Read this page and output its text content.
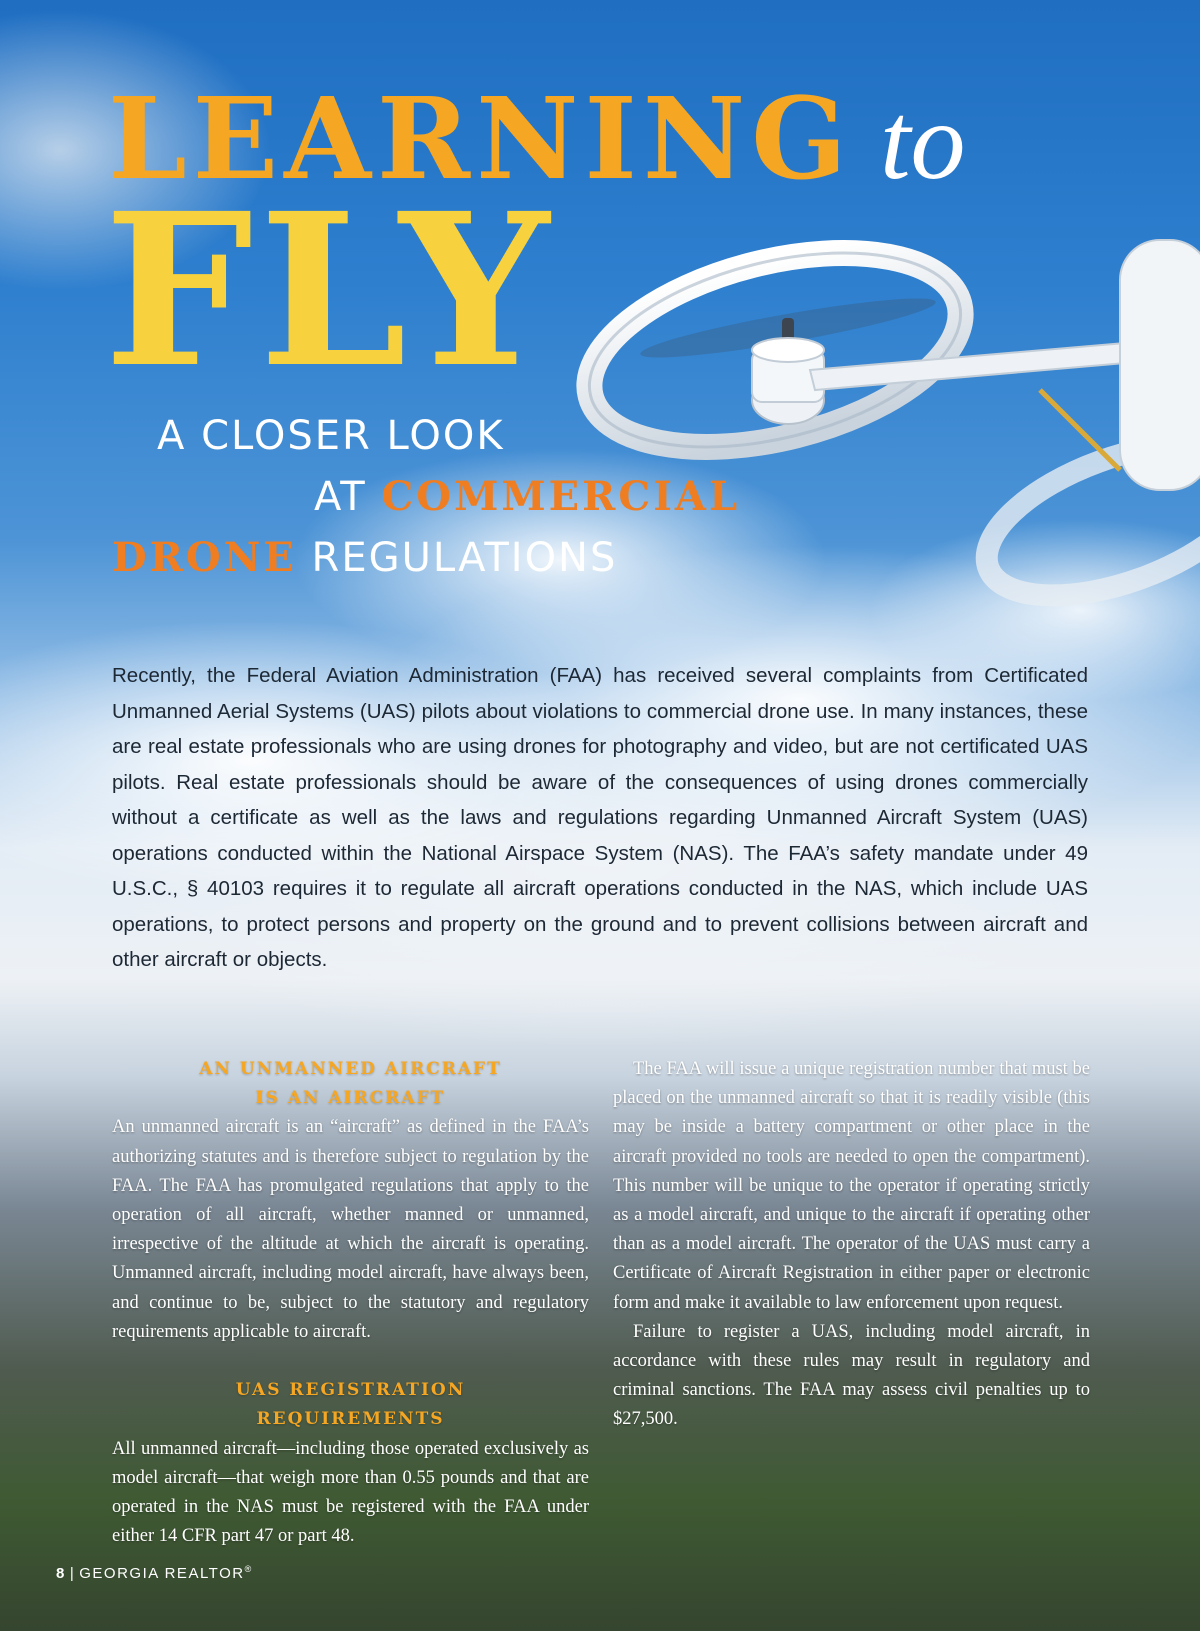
LEARNING to
FLY

A CLOSER LOOK

AT COMMERCIAL

DRONE REGULATIONS

Recently, the Federal Aviation Administration (FAA) has received several complaints from Certificated Unmanned Aerial Systems (UAS) pilots about violations to commercial drone use. In many instances, these are real estate professionals who are using drones for photography and video, but are not certificated UAS pilots. Real estate professionals should be aware of the consequences of using drones commercially without a certificate as well as the laws and regulations regarding Unmanned Aircraft System (UAS) operations conducted within the National Airspace System (NAS). The FAA’s safety mandate under 49 U.S.C., § 40103 requires it to regulate all aircraft operations conducted in the NAS, which include UAS operations, to protect persons and property on the ground and to prevent collisions between aircraft and other aircraft or objects.

AN UNMANNED AIRCRAFT
IS AN AIRCRAFT

An unmanned aircraft is an “aircraft” as defined in the FAA’s authorizing statutes and is therefore subject to regulation by the FAA. The FAA has promulgated regulations that apply to the operation of all aircraft, whether manned or unmanned, irrespective of the altitude at which the aircraft is operating. Unmanned aircraft, including model aircraft, have always been, and continue to be, subject to the statutory and regulatory requirements applicable to aircraft.

UAS REGISTRATION
REQUIREMENTS

All unmanned aircraft—including those operated exclusively as model aircraft—that weigh more than 0.55 pounds and that are operated in the NAS must be registered with the FAA under either 14 CFR part 47 or part 48.

The FAA will issue a unique registration number that must be placed on the unmanned aircraft so that it is readily visible (this may be inside a battery compartment or other place in the aircraft provided no tools are needed to open the compartment). This number will be unique to the operator if operating strictly as a model aircraft, and unique to the aircraft if operating other than as a model aircraft. The operator of the UAS must carry a Certificate of Aircraft Registration in either paper or electronic form and make it available to law enforcement upon request.

Failure to register a UAS, including model aircraft, in accordance with these rules may result in regulatory and criminal sanctions. The FAA may assess civil penalties up to $27,500.

8 | GEORGIA REALTOR®
